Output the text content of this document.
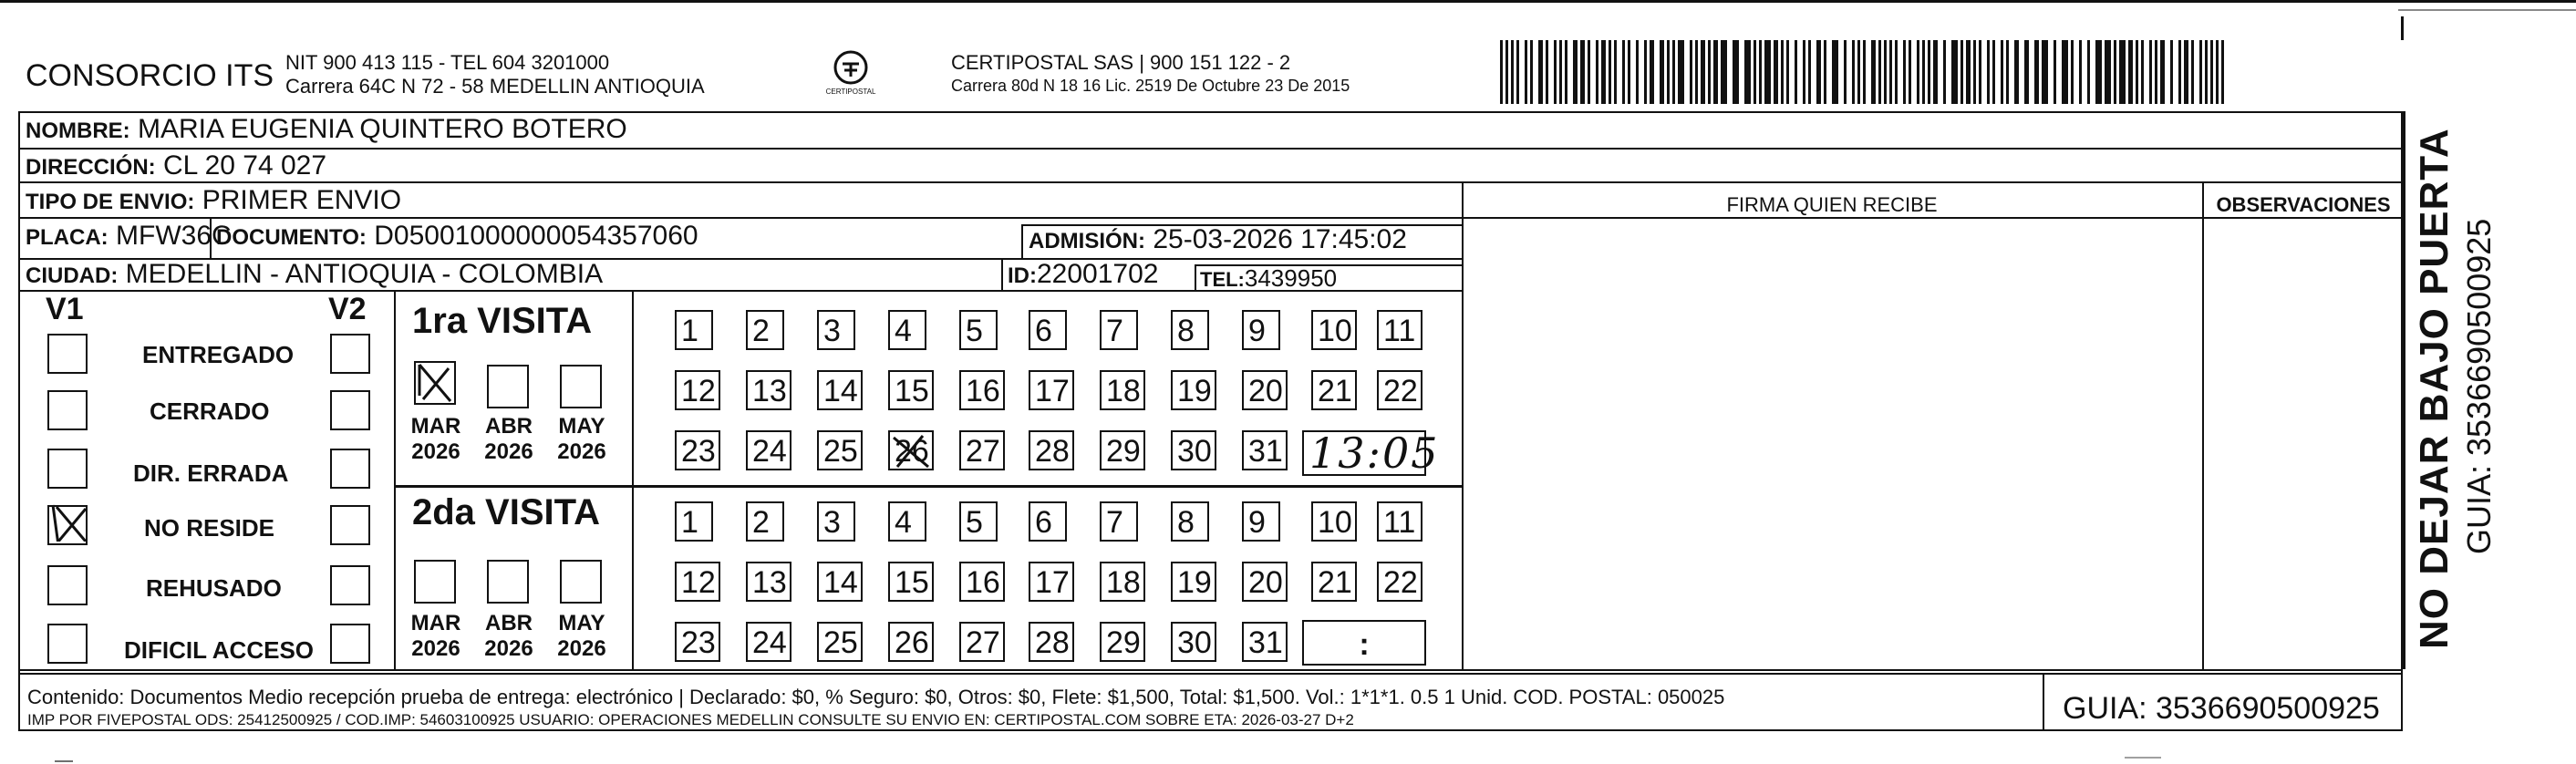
CONSORCIO ITS NIT 900 413 115 - TEL 604 3201000
Carrera 64C N 72 - 58 MEDELLIN ANTIOQUIA	CERTIPOSTAL
CERTIPOSTAL SAS | 900 151 122 - 2
Carrera 80d N 18 16 Lic. 2519 De Octubre 23 De 2015
NOMBRE: MARIA EUGENIA QUINTERO BOTERO
DIRECCIÓN: CL 20 74 027
TIPO DE ENVIO: PRIMER ENVIO	FIRMA QUIEN RECIBE	OBSERVACIONES
PLACA: MFW36C
DOCUMENTO: D05001000000054357060	ADMISIÓN: 25-03-2026 17:45:02
CIUDAD: MEDELLIN - ANTIOQUIA - COLOMBIA	ID:22001702 TEL:3439950
V1	V2
ENTREGADO
CERRADO
DIR. ERRADA
NO RESIDE
REHUSADO
DIFICIL ACCESO
1ra VISITA
2da VISITA
MAR
2026
ABR
2026
MAY
2026
MAR
2026
ABR
2026
MAY
2026
1 2 3 4 5 6 7 8 9 10 11
12 13 14 15 16 17 18 19 20 21 22
23 24 25 26 27 28 29 30 31
1 2 3 4 5 6 7 8 9 10 11
12 13 14 15 16 17 18 19 20 21 22
23 24 25 26 27 28 29 30 31
13:05
:	NO DEJAR BAJO PUERTA GUIA: 3536690500925
Contenido: Documentos Medio recepción prueba de entrega: electrónico | Declarado: $0, % Seguro: $0, Otros: $0, Flete: $1,500, Total: $1,500. Vol.: 1*1*1. 0.5 1 Unid. COD. POSTAL: 050025
IMP POR FIVEPOSTAL ODS: 25412500925 / COD.IMP: 54603100925 USUARIO: OPERACIONES MEDELLIN CONSULTE SU ENVIO EN: CERTIPOSTAL.COM SOBRE ETA: 2026-03-27 D+2	GUIA: 3536690500925
